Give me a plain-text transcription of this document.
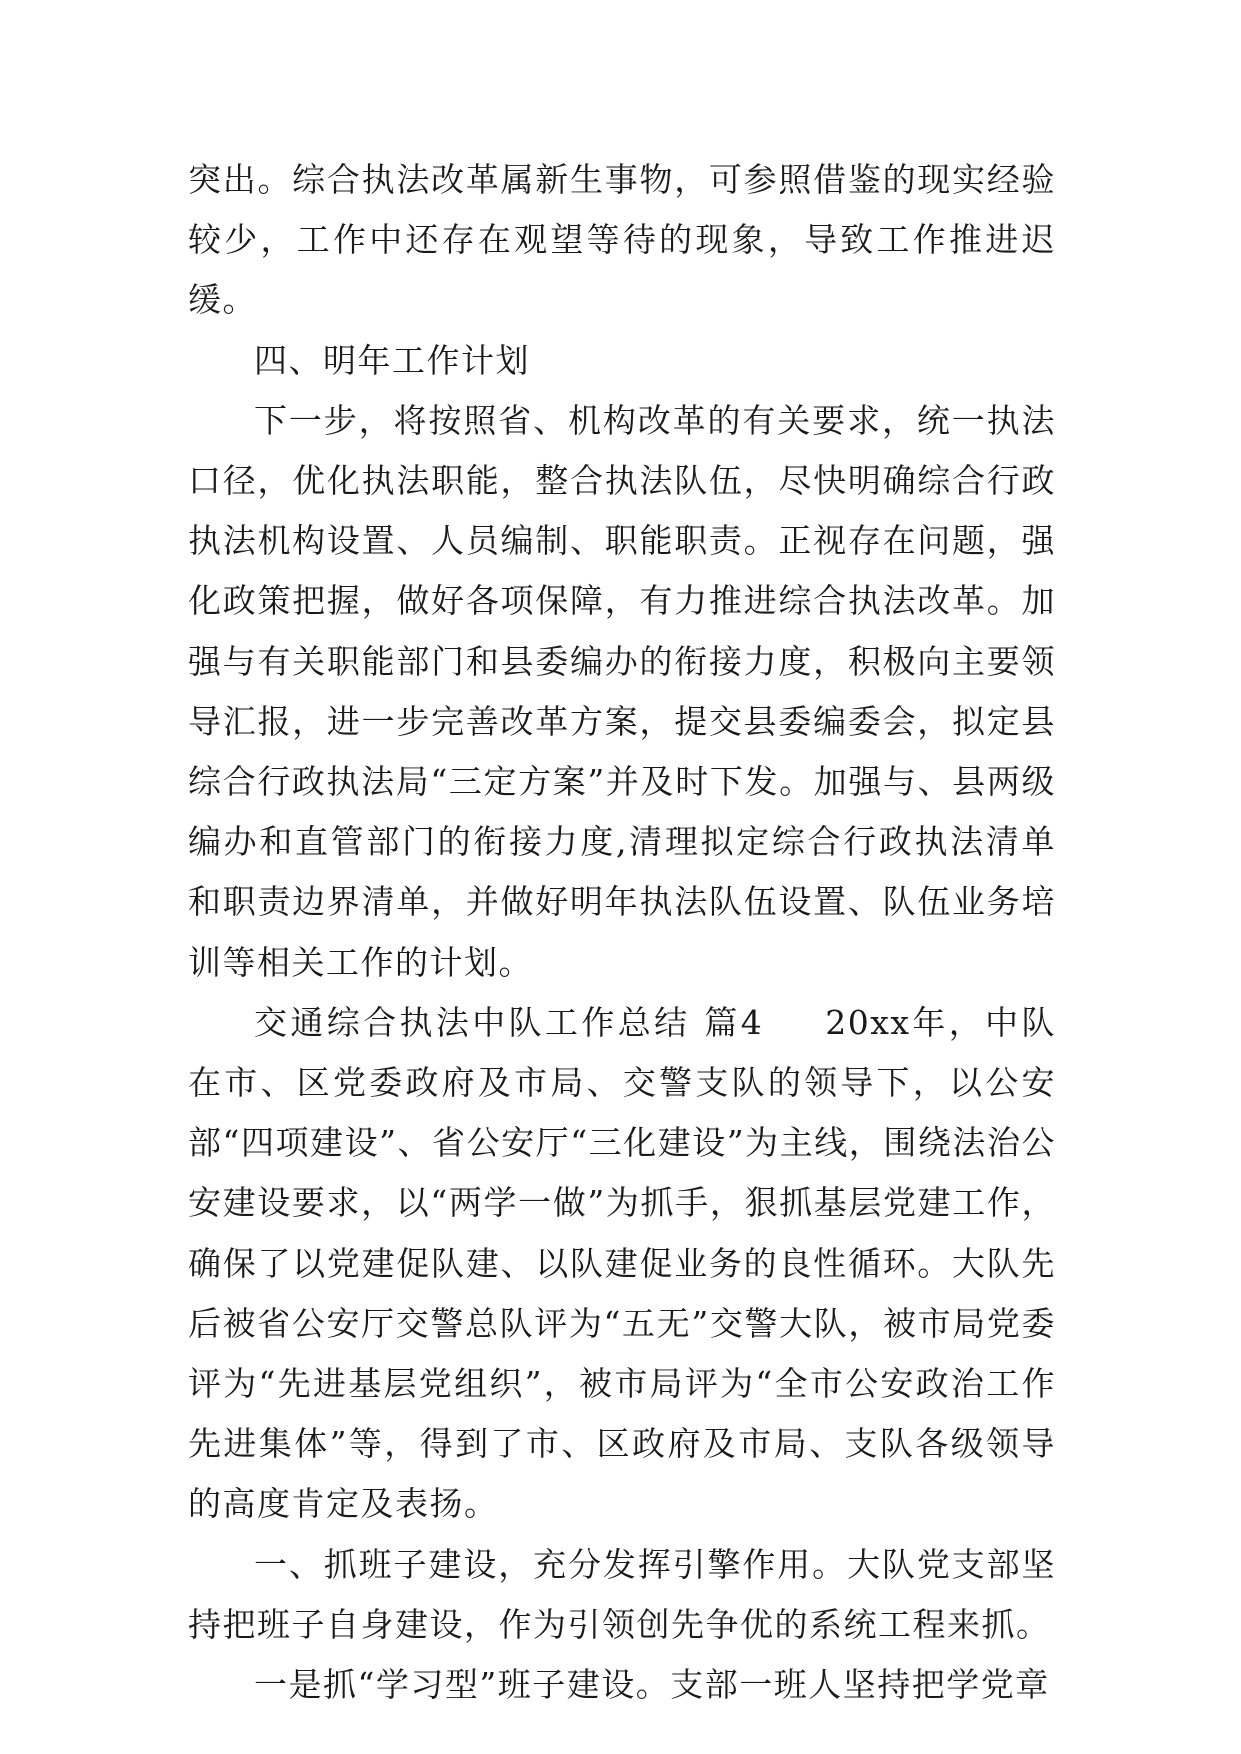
突出。综合执法改革属新生事物，可参照借鉴的现实经验较少，工作中还存在观望等待的现象，导致工作推进迟缓。

四、明年工作计划

下一步，将按照省、机构改革的有关要求，统一执法口径，优化执法职能，整合执法队伍，尽快明确综合行政执法机构设置、人员编制、职能职责。正视存在问题，强化政策把握，做好各项保障，有力推进综合执法改革。加强与有关职能部门和县委编办的衔接力度，积极向主要领导汇报，进一步完善改革方案，提交县委编委会，拟定县综合行政执法局“三定方案”并及时下发。加强与、县两级编办和直管部门的衔接力度,清理拟定综合行政执法清单和职责边界清单，并做好明年执法队伍设置、队伍业务培训等相关工作的计划。

交通综合执法中队工作总结 篇4 20xx年，中队在市、区党委政府及市局、交警支队的领导下，以公安部“四项建设”、省公安厅“三化建设”为主线，围绕法治公安建设要求，以“两学一做”为抓手，狠抓基层党建工作，确保了以党建促队建、以队建促业务的良性循环。大队先后被省公安厅交警总队评为“五无”交警大队，被市局党委评为“先进基层党组织”，被市局评为“全市公安政治工作先进集体”等，得到了市、区政府及市局、支队各级领导的高度肯定及表扬。

一、抓班子建设，充分发挥引擎作用。大队党支部坚持把班子自身建设，作为引领创先争优的系统工程来抓。

一是抓“学习型”班子建设。支部一班人坚持把学党章
